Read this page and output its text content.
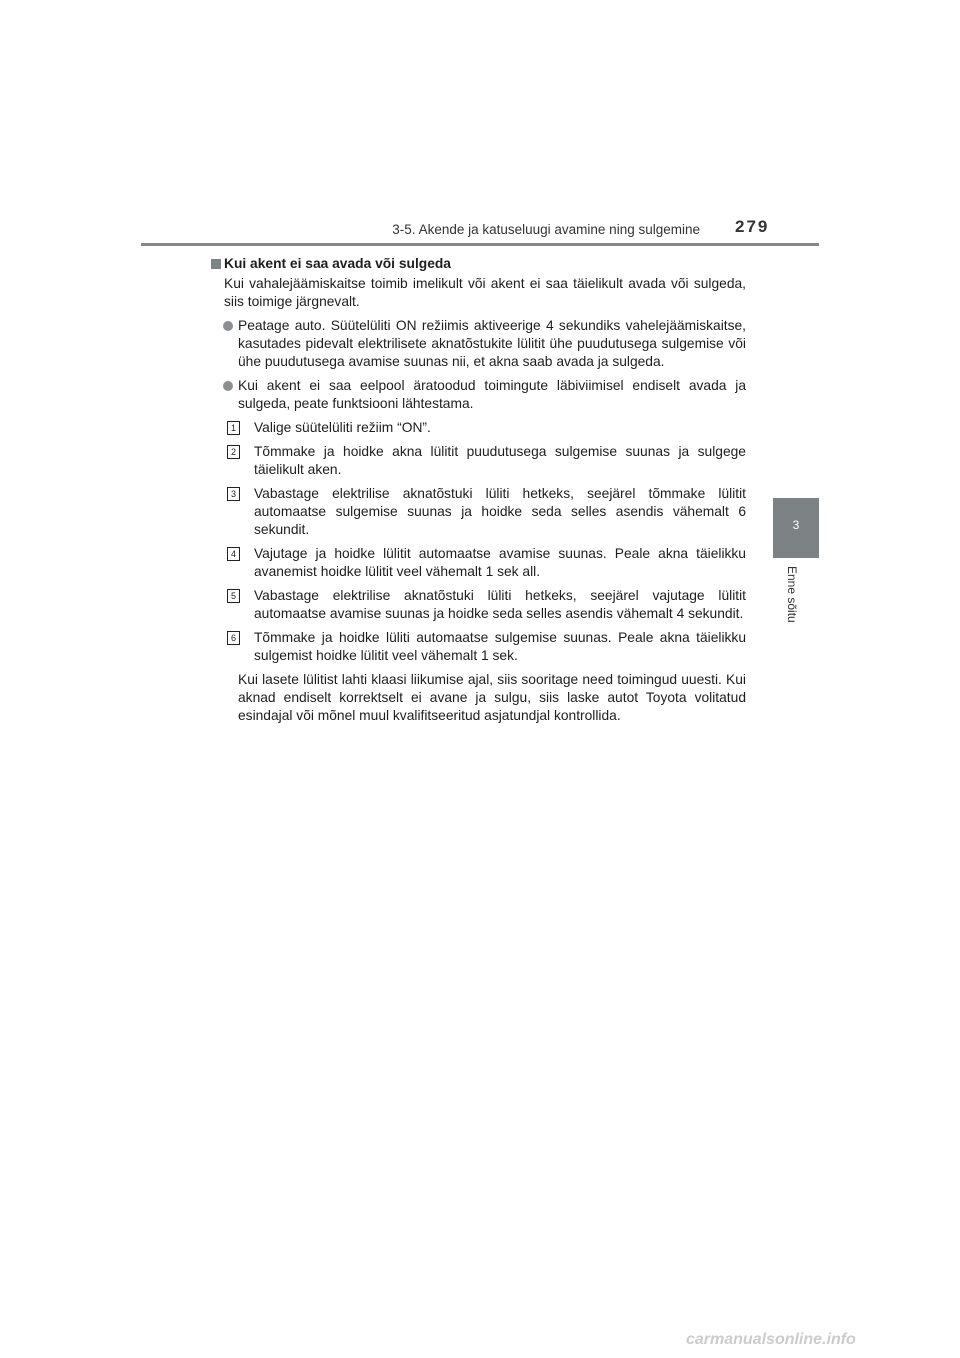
3-5. Akende ja katuseluugi avamine ning sulgemine 279
3
Enne sõitu
Kui akent ei saa avada või sulgeda
Kui vahalejäämiskaitse toimib imelikult või akent ei saa täielikult avada või sulgeda, siis toimige järgnevalt.
Peatage auto. Süütelüliti ON režiimis aktiveerige 4 sekundiks vahelejäämiskaitse, kasutades pidevalt elektrilisete aknatõstukite lülitit ühe puudutusega sulgemise või ühe puudutusega avamise suunas nii, et akna saab avada ja sulgeda.
Kui akent ei saa eelpool äratoodud toimingute läbiviimisel endiselt avada ja sulgeda, peate funktsiooni lähtestama.
1 Valige süütelüliti režiim “ON”.
2 Tõmmake ja hoidke akna lülitit puudutusega sulgemise suunas ja sulgege täielikult aken.
3 Vabastage elektrilise aknatõstuki lüliti hetkeks, seejärel tõmmake lülitit automaatse sulgemise suunas ja hoidke seda selles asendis vähemalt 6 sekundit.
4 Vajutage ja hoidke lülitit automaatse avamise suunas. Peale akna täielikku avanemist hoidke lülitit veel vähemalt 1 sek all.
5 Vabastage elektrilise aknatõstuki lüliti hetkeks, seejärel vajutage lülitit automaatse avamise suunas ja hoidke seda selles asendis vähemalt 4 sekundit.
6 Tõmmake ja hoidke lüliti automaatse sulgemise suunas. Peale akna täielikku sulgemist hoidke lülitit veel vähemalt 1 sek.
Kui lasete lülitist lahti klaasi liikumise ajal, siis sooritage need toimingud uuesti. Kui aknad endiselt korrektselt ei avane ja sulgu, siis laske autot Toyota volitatud esindajal või mõnel muul kvalifitseeritud asjatundjal kontrollida.
carmanualsonline.info
